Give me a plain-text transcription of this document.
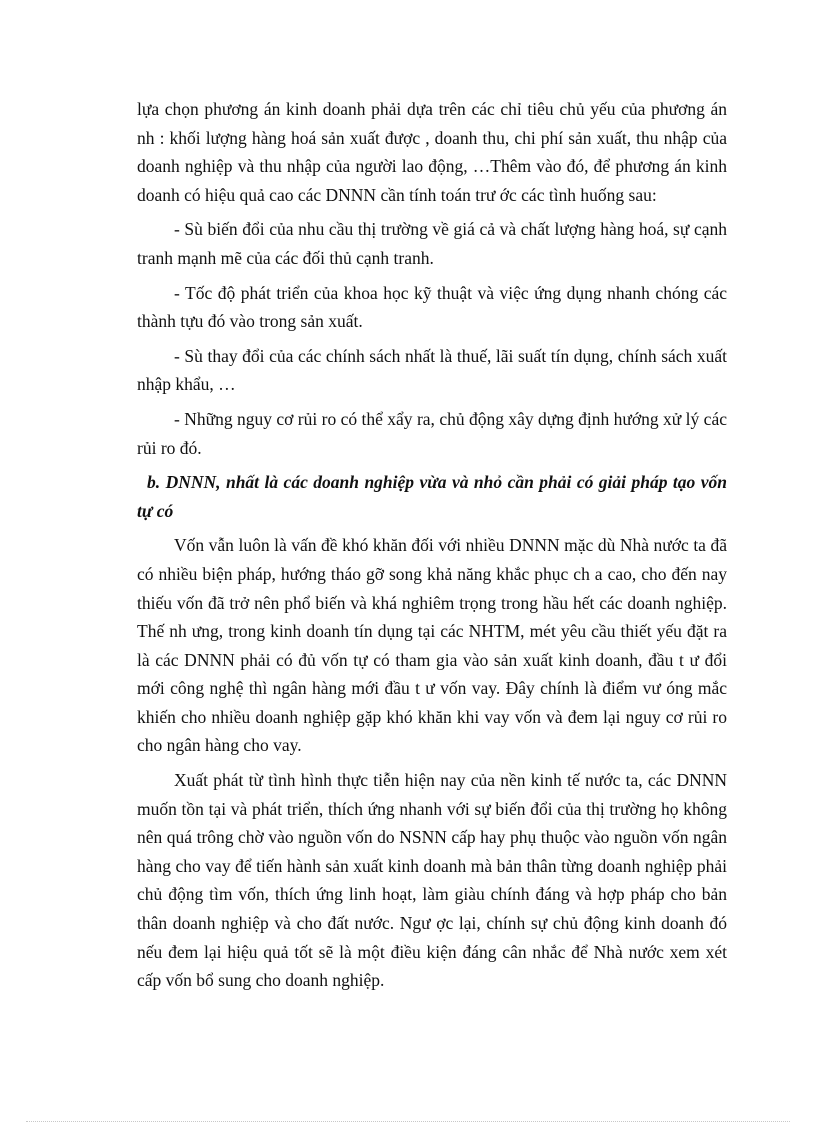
lựa chọn phương án kinh doanh phải dựa trên các chỉ tiêu chủ yếu của phương án nh : khối lượng hàng hoá sản xuất được , doanh thu, chi phí sản xuất, thu nhập của doanh nghiệp và thu nhập của người lao động, …Thêm vào đó, để phương án kinh doanh có hiệu quả cao các DNNN cần tính toán trư ớc các tình huống sau:

- Sù biến đổi của nhu cầu thị trường về giá cả và chất lượng hàng hoá, sự cạnh tranh mạnh mẽ của các đối thủ cạnh tranh.

- Tốc độ phát triển của khoa học kỹ thuật và việc ứng dụng nhanh chóng các thành tựu đó vào trong sản xuất.

- Sù thay đổi của các chính sách nhất là thuế, lãi suất tín dụng, chính sách xuất nhập khẩu, …

- Những nguy cơ rủi ro có thể xẩy ra, chủ động xây dựng định hướng xử lý các rủi ro đó.

b. DNNN, nhất là các doanh nghiệp vừa và nhỏ cần phải có giải pháp tạo vốn tự có

Vốn vẫn luôn là vấn đề khó khăn đối với nhiều DNNN mặc dù Nhà nước ta đã có nhiều biện pháp, hướng tháo gỡ song khả năng khắc phục ch a cao, cho đến nay thiếu vốn đã trở nên phổ biến và khá nghiêm trọng trong hầu hết các doanh nghiệp. Thế nh ưng, trong kinh doanh tín dụng tại các NHTM, mét yêu cầu thiết yếu đặt ra là các DNNN phải có đủ vốn tự có tham gia vào sản xuất kinh doanh, đầu t ư đổi mới công nghệ thì ngân hàng mới đầu t ư vốn vay. Đây chính là điểm vư óng mắc khiến cho nhiều doanh nghiệp gặp khó khăn khi vay vốn và đem lại nguy cơ rủi ro cho ngân hàng cho vay.

Xuất phát từ tình hình thực tiễn hiện nay của nền kinh tế nước ta, các DNNN muốn tồn tại và phát triển, thích ứng nhanh với sự biến đổi của thị trường họ không nên quá trông chờ vào nguồn vốn do NSNN cấp hay phụ thuộc vào nguồn vốn ngân hàng cho vay để tiến hành sản xuất kinh doanh mà bản thân từng doanh nghiệp phải chủ động tìm vốn, thích ứng linh hoạt, làm giàu chính đáng và hợp pháp cho bản thân doanh nghiệp và cho đất nước. Ngư ợc lại, chính sự chủ động kinh doanh đó nếu đem lại hiệu quả tốt sẽ là một điều kiện đáng cân nhắc để Nhà nước xem xét cấp vốn bổ sung cho doanh nghiệp.
